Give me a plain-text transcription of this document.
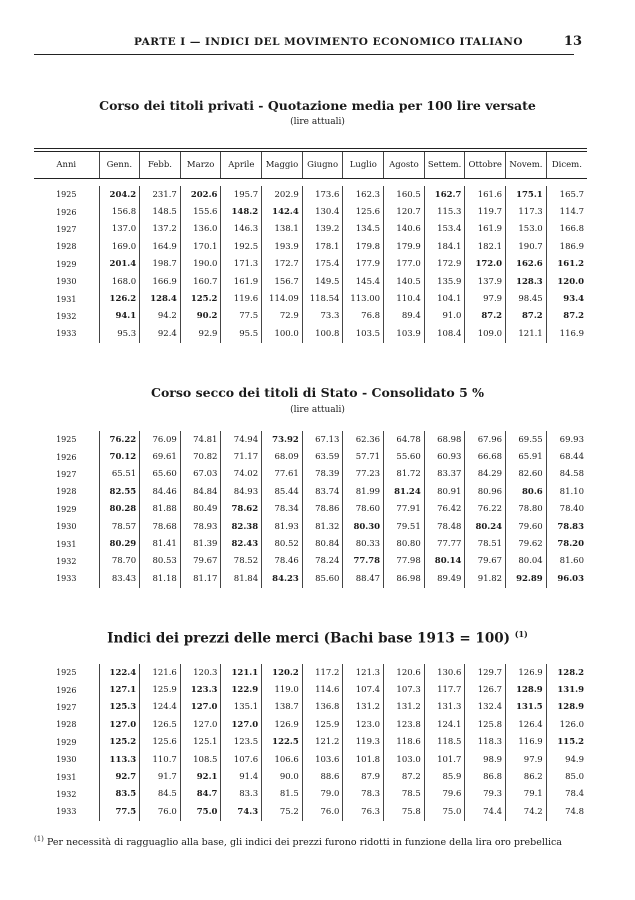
PARTE I — INDICI DEL MOVIMENTO ECONOMICO ITALIANO	13
Corso dei titoli privati - Quotazione media per 100 lire versate
(lire attuali)
Anni	Genn.	Febb.	Marzo	Aprile	Maggio	Giugno	Luglio	Agosto	Settem.	Ottobre	Novem.	Dicem.
1925	204.2	231.7	202.6	195.7	202.9	173.6	162.3	160.5	162.7	161.6	175.1	165.7
1926	156.8	148.5	155.6	148.2	142.4	130.4	125.6	120.7	115.3	119.7	117.3	114.7
1927	137.0	137.2	136.0	146.3	138.1	139.2	134.5	140.6	153.4	161.9	153.0	166.8
1928	169.0	164.9	170.1	192.5	193.9	178.1	179.8	179.9	184.1	182.1	190.7	186.9
1929	201.4	198.7	190.0	171.3	172.7	175.4	177.9	177.0	172.9	172.0	162.6	161.2
1930	168.0	166.9	160.7	161.9	156.7	149.5	145.4	140.5	135.9	137.9	128.3	120.0
1931	126.2	128.4	125.2	119.6	114.09	118.54	113.00	110.4	104.1	97.9	98.45	93.4
1932	94.1	94.2	90.2	77.5	72.9	73.3	76.8	89.4	91.0	87.2	87.2	87.2
1933	95.3	92.4	92.9	95.5	100.0	100.8	103.5	103.9	108.4	109.0	121.1	116.9
Corso secco dei titoli di Stato - Consolidato 5 %
(lire attuali)
1925	76.22	76.09	74.81	74.94	73.92	67.13	62.36	64.78	68.98	67.96	69.55	69.93
1926	70.12	69.61	70.82	71.17	68.09	63.59	57.71	55.60	60.93	66.68	65.91	68.44
1927	65.51	65.60	67.03	74.02	77.61	78.39	77.23	81.72	83.37	84.29	82.60	84.58
1928	82.55	84.46	84.84	84.93	85.44	83.74	81.99	81.24	80.91	80.96	80.6	81.10
1929	80.28	81.88	80.49	78.62	78.34	78.86	78.60	77.91	76.42	76.22	78.80	78.40
1930	78.57	78.68	78.93	82.38	81.93	81.32	80.30	79.51	78.48	80.24	79.60	78.83
1931	80.29	81.41	81.39	82.43	80.52	80.84	80.33	80.80	77.77	78.51	79.62	78.20
1932	78.70	80.53	79.67	78.52	78.46	78.24	77.78	77.98	80.14	79.67	80.04	81.60
1933	83.43	81.18	81.17	81.84	84.23	85.60	88.47	86.98	89.49	91.82	92.89	96.03
Indici dei prezzi delle merci (Bachi base 1913 = 100) $^{(1)}$
1925	122.4	121.6	120.3	121.1	120.2	117.2	121.3	120.6	130.6	129.7	126.9	128.2
1926	127.1	125.9	123.3	122.9	119.0	114.6	107.4	107.3	117.7	126.7	128.9	131.9
1927	125.3	124.4	127.0	135.1	138.7	136.8	131.2	131.2	131.3	132.4	131.5	128.9
1928	127.0	126.5	127.0	127.0	126.9	125.9	123.0	123.8	124.1	125.8	126.4	126.0
1929	125.2	125.6	125.1	123.5	122.5	121.2	119.3	118.6	118.5	118.3	116.9	115.2
1930	113.3	110.7	108.5	107.6	106.6	103.6	101.8	103.0	101.7	98.9	97.9	94.9
1931	92.7	91.7	92.1	91.4	90.0	88.6	87.9	87.2	85.9	86.8	86.2	85.0
1932	83.5	84.5	84.7	83.3	81.5	79.0	78.3	78.5	79.6	79.3	79.1	78.4
1933	77.5	76.0	75.0	74.3	75.2	76.0	76.3	75.8	75.0	74.4	74.2	74.8
$^{(1)}$ Per necessità di ragguaglio alla base, gli indici dei prezzi furono ridotti in funzione della lira oro prebellica
